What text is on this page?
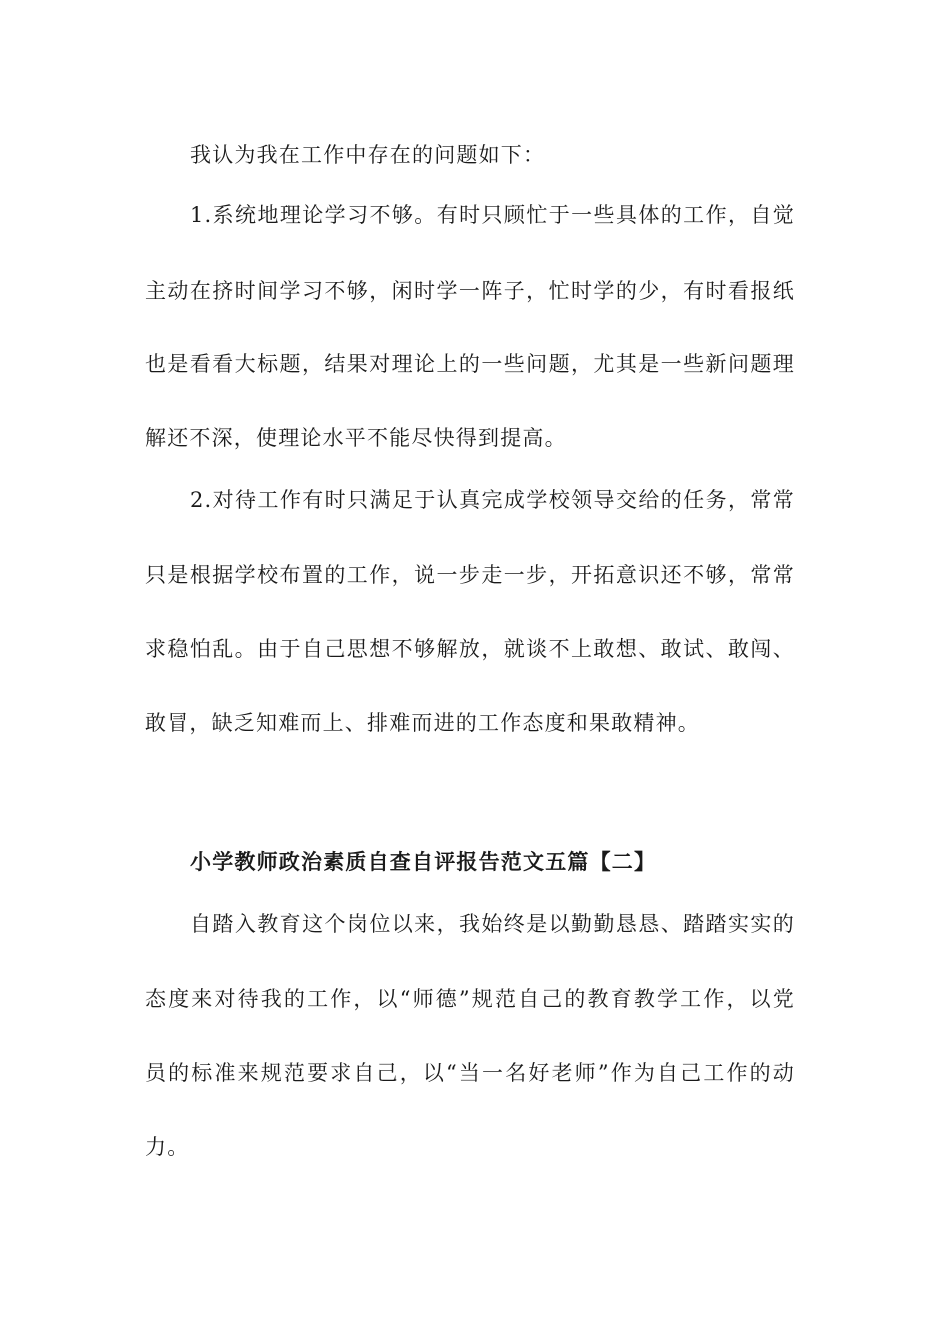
我认为我在工作中存在的问题如下：
1.系统地理论学习不够。有时只顾忙于一些具体的工作，自觉
主动在挤时间学习不够，闲时学一阵子，忙时学的少，有时看报纸
也是看看大标题，结果对理论上的一些问题，尤其是一些新问题理
解还不深，使理论水平不能尽快得到提高。
2.对待工作有时只满足于认真完成学校领导交给的任务，常常
只是根据学校布置的工作，说一步走一步，开拓意识还不够，常常
求稳怕乱。由于自己思想不够解放，就谈不上敢想、敢试、敢闯、
敢冒，缺乏知难而上、排难而进的工作态度和果敢精神。
小学教师政治素质自查自评报告范文五篇【二】
自踏入教育这个岗位以来，我始终是以勤勤恳恳、踏踏实实的
态度来对待我的工作，以“师德”规范自己的教育教学工作，以党
员的标准来规范要求自己，以“当一名好老师”作为自己工作的动
力。
